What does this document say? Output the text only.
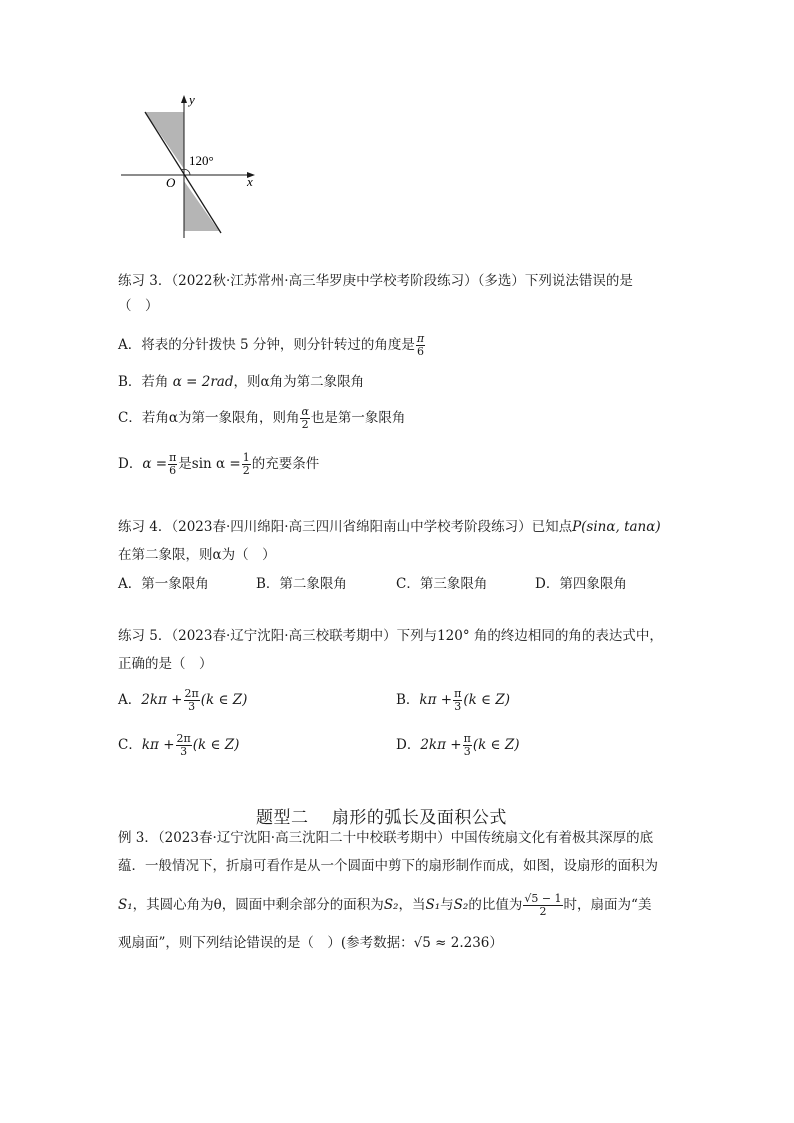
y
x
O
120°
练习 3．（2022秋·江苏常州·高三华罗庚中学校考阶段练习）（多选）下列说法错误的是
（　）
A．将表的分针拨快 5 分钟，则分针转过的角度是 $\frac{\pi}{6}$
B．若角 α = 2rad，则α角为第二象限角
C．若角α为第一象限角，则角 $\frac{\alpha}{2}$ 也是第一象限角
D．$\alpha = \frac{\pi}{6}$ 是$\sin \alpha = \frac{1}{2}$ 的充要条件
练习 4．（2023春·四川绵阳·高三四川省绵阳南山中学校考阶段练习）已知点P(sinα, tanα)
在第二象限，则α为（　）
A．第一象限角	B．第二象限角	C．第三象限角	D．第四象限角
练习 5．（2023春·辽宁沈阳·高三校联考期中）下列与120° 角的终边相同的角的表达式中，
正确的是（　）
A．$2k\pi + \frac{2\pi}{3} (k$ ∈ Z)	B．$k\pi + \frac{\pi}{3} (k$ ∈ Z)
C．$k\pi + \frac{2\pi}{3} (k$ ∈ Z)	D．$2k\pi + \frac{\pi}{3} (k$ ∈ Z)
题型二　 扇形的弧长及面积公式
例 3．（2023春·辽宁沈阳·高三沈阳二十中校联考期中）中国传统扇文化有着极其深厚的底
蕴．一般情况下，折扇可看作是从一个圆面中剪下的扇形制作而成，如图，设扇形的面积为
S₁，其圆心角为θ，圆面中剩余部分的面积为S₂，当S₁与S₂的比值为 $\frac{√5 - 1}{2}$ 时，扇面为“美
观扇面”，则下列结论错误的是（　）(参考数据：√5 ≈ 2.236）
